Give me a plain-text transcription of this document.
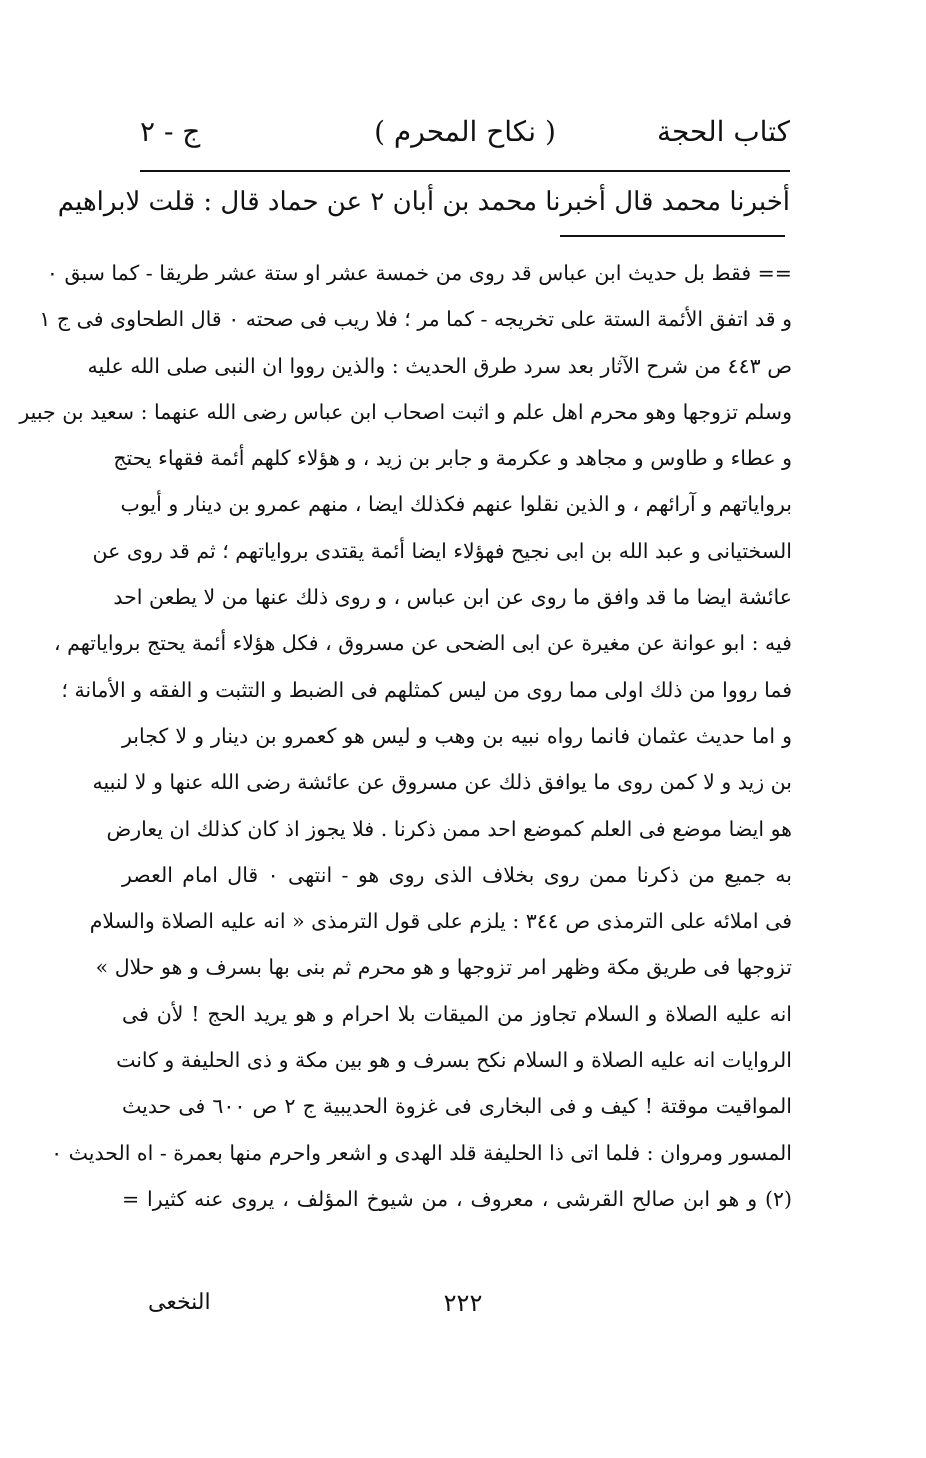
كتاب الحجة
( نكاح المحرم )
ج - ٢
أخبرنا محمد قال أخبرنا محمد بن أبان ٢ عن حماد قال : قلت لابراهيم
== فقط بل حديث ابن عباس قد روى من خمسة عشر او ستة عشر طريقا - كما سبق ٠
و قد اتفق الأئمة الستة على تخريجه - كما مر ؛ فلا ريب فى صحته ٠ قال الطحاوى فى ج ١
ص ٤٤٣ من شرح الآثار بعد سرد طرق الحديث : والذين رووا ان النبى صلى الله عليه
وسلم تزوجها وهو محرم اهل علم و اثبت اصحاب ابن عباس رضى الله عنهما : سعيد بن جبير
و عطاء و طاوس و مجاهد و عكرمة و جابر بن زيد ، و هؤلاء كلهم أئمة فقهاء يحتج
برواياتهم و آرائهم ، و الذين نقلوا عنهم فكذلك ايضا ، منهم عمرو بن دينار و أيوب
السختيانى و عبد الله بن ابى نجيح فهؤلاء ايضا أئمة يقتدى برواياتهم ؛ ثم قد روى عن
عائشة ايضا ما قد وافق ما روى عن ابن عباس ، و روى ذلك عنها من لا يطعن احد
فيه : ابو عوانة عن مغيرة عن ابى الضحى عن مسروق ، فكل هؤلاء أئمة يحتج برواياتهم ،
فما رووا من ذلك اولى مما روى من ليس كمثلهم فى الضبط و التثبت و الفقه و الأمانة ؛
و اما حديث عثمان فانما رواه نبيه بن وهب و ليس هو كعمرو بن دينار و لا كجابر
بن زيد و لا كمن روى ما يوافق ذلك عن مسروق عن عائشة رضى الله عنها و لا لنبيه
هو ايضا موضع فى العلم كموضع احد ممن ذكرنا . فلا يجوز اذ كان كذلك ان يعارض
به جميع من ذكرنا ممن روى بخلاف الذى روى هو - انتهى ٠ قال امام العصر
فى املائه على الترمذى ص ٣٤٤ : يلزم على قول الترمذى « انه عليه الصلاة والسلام
تزوجها فى طريق مكة وظهر امر تزوجها و هو محرم ثم بنى بها بسرف و هو حلال »
انه عليه الصلاة و السلام تجاوز من الميقات بلا احرام و هو يريد الحج ! لأن فى
الروايات انه عليه الصلاة و السلام نكح بسرف و هو بين مكة و ذى الحليفة و كانت
المواقيت موقتة ! كيف و فى البخارى فى غزوة الحديبية ج ٢ ص ٦٠٠ فى حديث
المسور ومروان : فلما اتى ذا الحليفة قلد الهدى و اشعر واحرم منها بعمرة - اه الحديث ٠
(٢) و هو ابن صالح القرشى ، معروف ، من شيوخ المؤلف ، يروى عنه كثيرا =
٢٢٢
النخعى
